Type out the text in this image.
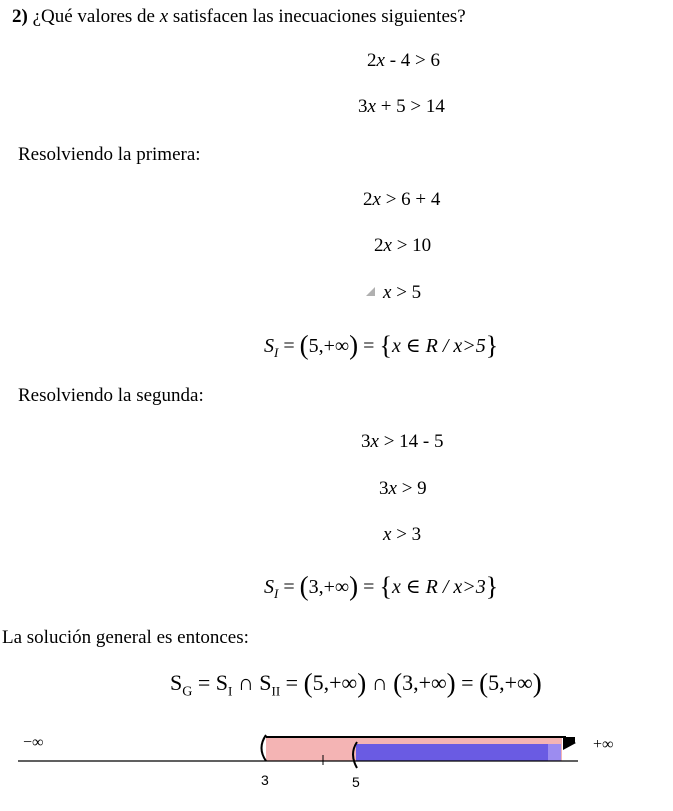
2) ¿Qué valores de x satisfacen las inecuaciones siguientes?
2x - 4 > 6
3x + 5 > 14
Resolviendo la primera:
2x > 6 + 4
2x > 10
x > 5
$S_I = (5,+\infty) = \{x$ ∈ R / x>5}
Resolviendo la segunda:
3x > 14 - 5
3x > 9
x > 3
$S_I = (3,+\infty) = \{x$ ∈ R / x>3}
La solución general es entonces:
$S_G = S_I$ ∩ $S_{II} = (5,+\infty)$ ∩ (3,+∞) = (5,+∞)
−∞	+∞
3	5
